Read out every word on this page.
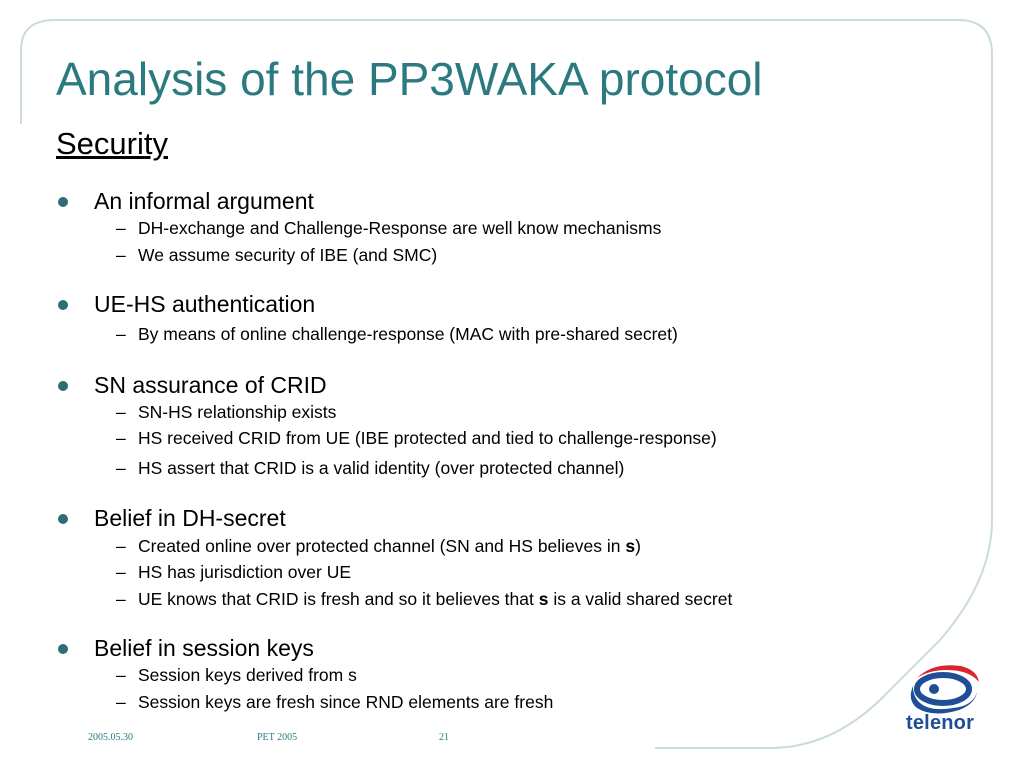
Analysis of the PP3WAKA protocol
Security
An informal argument
– DH-exchange and Challenge-Response are well know mechanisms
– We assume security of IBE (and SMC)
UE-HS authentication
– By means of online challenge-response (MAC with pre-shared secret)
SN assurance of CRID
– SN-HS relationship exists
– HS received CRID from UE (IBE protected and tied to challenge-response)
– HS assert that CRID is a valid identity (over protected channel)
Belief in DH-secret
– Created online over protected channel (SN and HS believes in s)
– HS has jurisdiction over UE
– UE knows that CRID is fresh and so it believes that s is a valid shared secret
Belief in session keys
– Session keys derived from s
– Session keys are fresh since RND elements are fresh
2005.05.30	PET 2005	21
telenor
